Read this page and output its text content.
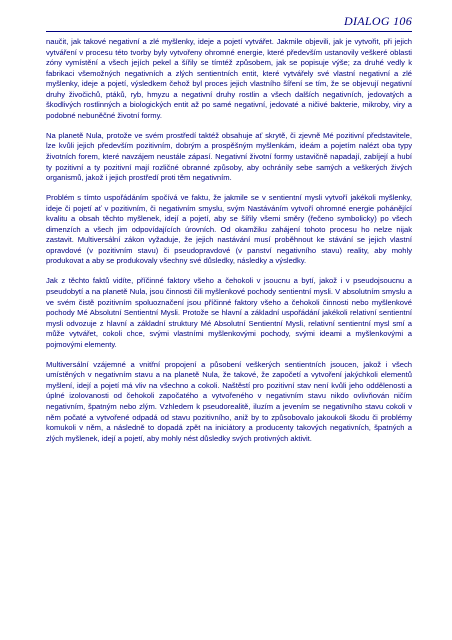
DIALOG 106

naučit, jak takové negativní a zlé myšlenky, ideje a pojetí vytvářet. Jakmile objevili, jak je vytvořit, při jejich vytváření v procesu této tvorby byly vytvořeny ohromné energie, které především ustanovily veškeré oblasti zóny vymístění a všech jejích pekel a šířily se tímtéž způsobem, jak se popisuje výše; za druhé vedly k fabrikaci všemožných negativních a zlých sentientních entit, které vytvářely své vlastní negativní a zlé myšlenky, ideje a pojetí, výsledkem čehož byl proces jejich vlastního šíření se tím, že se objevují negativní druhy živočichů, ptáků, ryb, hmyzu a negativní druhy rostlin a všech dalších negativních, jedovatých a škodlivých rostlinných a biologických entit až po samé negativní, jedovaté a ničivé bakterie, mikroby, viry a podobné nebuněčné životní formy.

Na planetě Nula, protože ve svém prostředí taktéž obsahuje ať skrytě, či zjevně Mé pozitivní představitele, lze kvůli jejich především pozitivním, dobrým a prospěšným myšlenkám, ideám a pojetím nalézt oba typy životních forem, které navzájem neustále zápasí. Negativní životní formy ustavičně napadají, zabíjejí a hubí ty pozitivní a ty pozitivní mají rozličné obranné způsoby, aby ochránily sebe samých a veškerých živých organismů, jakož i jejich prostředí proti těm negativním.

Problém s tímto uspořádáním spočívá ve faktu, že jakmile se v sentientní mysli vytvoří jakékoli myšlenky, ideje či pojetí ať v pozitivním, či negativním smyslu, svým Nastáváním vytvoří ohromné energie pohánějící kvalitu a obsah těchto myšlenek, idejí a pojetí, aby se šířily všemi směry (řečeno symbolicky) po všech dimenzích a všech jim odpovídajících úrovních. Od okamžiku zahájení tohoto procesu ho nelze nijak zastavit. Multiversální zákon vyžaduje, že jejich nastávání musí proběhnout ke stávání se jejich vlastní opravdové (v pozitivním stavu) či pseudopravdové (v panství negativního stavu) reality, aby mohly produkovat a aby se produkovaly všechny své důsledky, následky a výsledky.

Jak z těchto faktů vidíte, příčinné faktory všeho a čehokoli v jsoucnu a bytí, jakož i v pseudojsoucnu a pseudobytí a na planetě Nula, jsou činnosti čili myšlenkové pochody sentientní mysli. V absolutním smyslu a ve svém čistě pozitivním spoluoznačení jsou příčinné faktory všeho a čehokoli činnosti nebo myšlenkové pochody Mé Absolutní Sentientní Mysli. Protože se hlavní a základní uspořádání jakékoli relativní sentientní mysli odvozuje z hlavní a základní struktury Mé Absolutní Sentientní Mysli, relativní sentientní mysl smí a může vytvářet, cokoli chce, svými vlastními myšlenkovými pochody, svými ideami a myšlenkovými a pojmovými elementy.

Multiversální vzájemné a vnitřní propojení a působení veškerých sentientních jsoucen, jakož i všech umístěných v negativním stavu a na planetě Nula, že takové, že započetí a vytvoření jakýchkoli elementů myšlení, idejí a pojetí má vliv na všechno a cokoli. Naštěstí pro pozitivní stav není kvůli jeho oddělenosti a úplné izolovanosti od čehokoli započatého a vytvořeného v negativním stavu nikdo ovlivňován ničím negativním, špatným nebo zlým. Vzhledem k pseudorealitě, iluzím a jevením se negativního stavu cokoli v něm počaté a vytvořené odpadá od stavu pozitivního, aniž by to způsobovalo jakoukoli škodu či problémy komukoli v něm, a následně to dopadá zpět na iniciátory a producenty takových negativních, špatných a zlých myšlenek, idejí a pojetí, aby mohly nést důsledky svých protivných aktivit.
